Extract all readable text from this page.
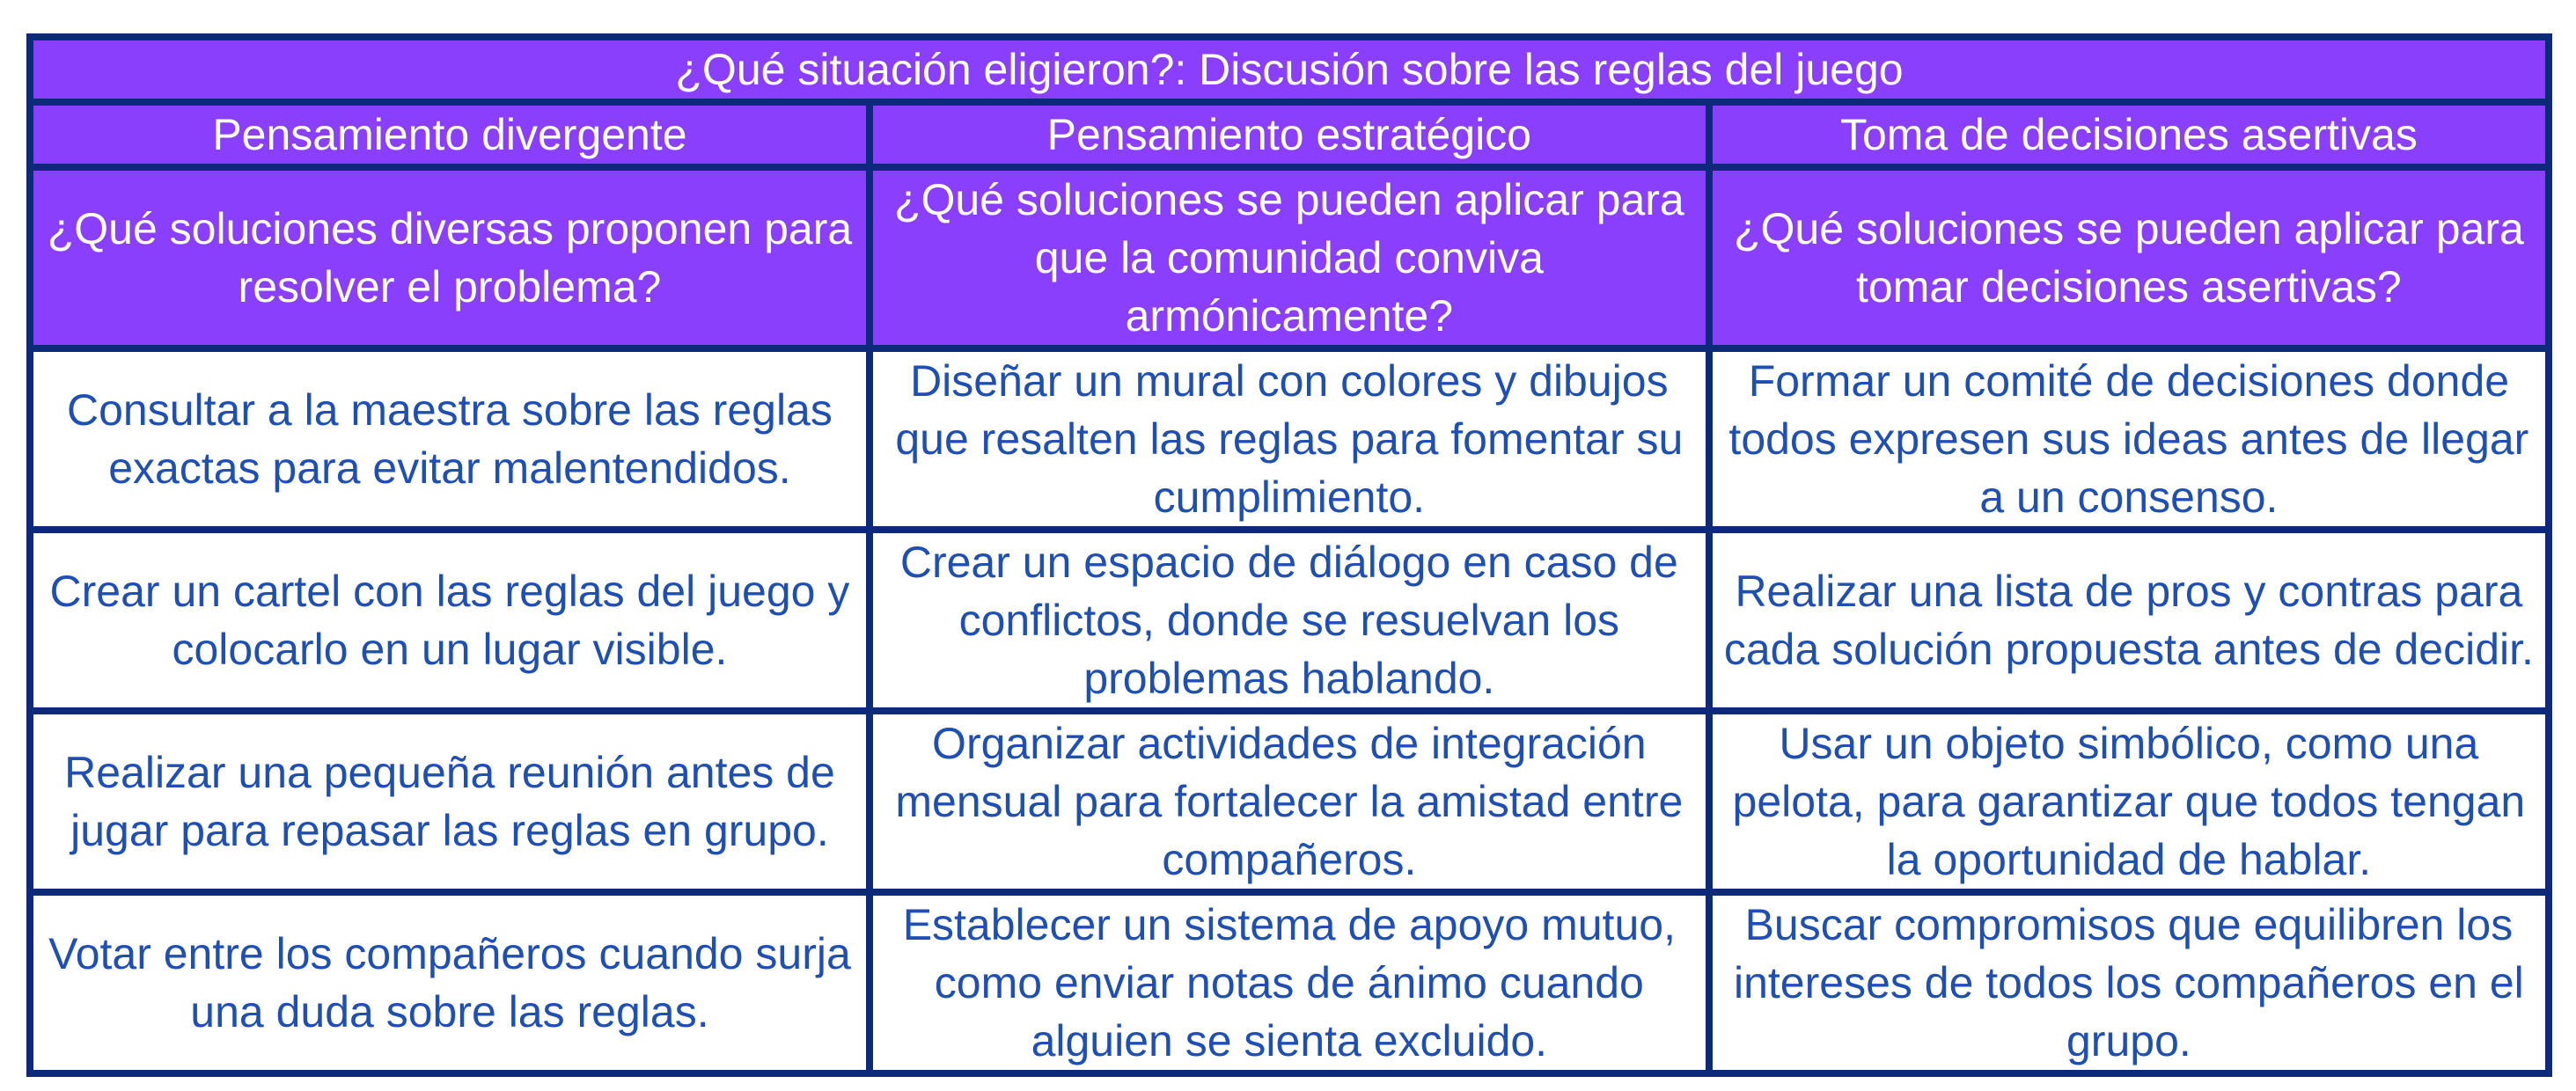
¿Qué situación eligieron?: Discusión sobre las reglas del juego		
Pensamiento divergente	Pensamiento estratégico	Toma de decisiones asertivas
¿Qué soluciones diversas proponen para resolver el problema?	¿Qué soluciones se pueden aplicar para que la comunidad conviva armónicamente?	¿Qué soluciones se pueden aplicar para tomar decisiones asertivas?
Consultar a la maestra sobre las reglas exactas para evitar malentendidos.	Diseñar un mural con colores y dibujos que resalten las reglas para fomentar su cumplimiento.	Formar un comité de decisiones donde todos expresen sus ideas antes de llegar a un consenso.
Crear un cartel con las reglas del juego y colocarlo en un lugar visible.	Crear un espacio de diálogo en caso de conflictos, donde se resuelvan los problemas hablando.	Realizar una lista de pros y contras para cada solución propuesta antes de decidir.
Realizar una pequeña reunión antes de jugar para repasar las reglas en grupo.	Organizar actividades de integración mensual para fortalecer la amistad entre compañeros.	Usar un objeto simbólico, como una pelota, para garantizar que todos tengan la oportunidad de hablar.
Votar entre los compañeros cuando surja una duda sobre las reglas.	Establecer un sistema de apoyo mutuo, como enviar notas de ánimo cuando alguien se sienta excluido.	Buscar compromisos que equilibren los intereses de todos los compañeros en el grupo.
